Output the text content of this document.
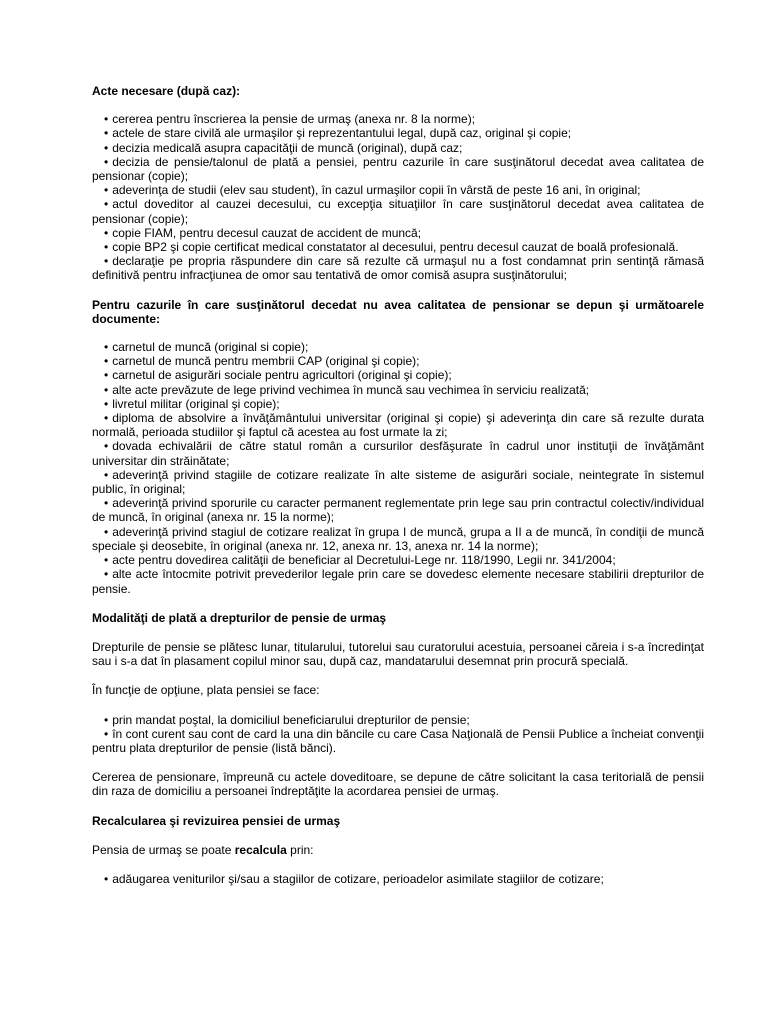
Acte necesare (după caz):
• cererea pentru înscrierea la pensie de urmaş (anexa nr. 8 la norme);
• actele de stare civilă ale urmaşilor şi reprezentantului legal, după caz, original şi copie;
• decizia medicală asupra capacităţii de muncă (original), după caz;
• decizia de pensie/talonul de plată a pensiei, pentru cazurile în care susţinătorul decedat avea calitatea de pensionar (copie);
• adeverinţa de studii (elev sau student), în cazul urmaşilor copii în vârstă de peste 16 ani, în original;
• actul doveditor al cauzei decesului, cu excepţia situaţiilor în care susţinătorul decedat avea calitatea de pensionar (copie);
• copie FIAM, pentru decesul cauzat de accident de muncă;
• copie BP2 şi copie certificat medical constatator al decesului, pentru decesul cauzat de boală profesională.
• declaraţie pe propria răspundere din care să rezulte că urmaşul nu a fost condamnat prin sentinţă rămasă definitivă pentru infracţiunea de omor sau tentativă de omor comisă asupra susţinătorului;
Pentru cazurile în care susţinătorul decedat nu avea calitatea de pensionar se depun şi următoarele documente:
• carnetul de muncă (original si copie);
• carnetul de muncă pentru membrii CAP (original şi copie);
• carnetul de asigurări sociale pentru agricultori (original şi copie);
• alte acte prevăzute de lege privind vechimea în muncă sau vechimea în serviciu realizată;
• livretul militar (original şi copie);
• diploma de absolvire a învăţământului universitar (original şi copie) şi adeverinţa din care să rezulte durata normală, perioada studiilor şi faptul că acestea au fost urmate la zi;
• dovada echivalării de către statul român a cursurilor desfăşurate în cadrul unor instituţii de învăţământ universitar din străinătate;
• adeverinţă privind stagiile de cotizare realizate în alte sisteme de asigurări sociale, neintegrate în sistemul public, în original;
• adeverinţă privind sporurile cu caracter permanent reglementate prin lege sau prin contractul colectiv/individual de muncă, în original (anexa nr. 15 la norme);
• adeverinţă privind stagiul de cotizare realizat în grupa I de muncă, grupa a II a de muncă, în condiţii de muncă speciale şi deosebite, în original (anexa nr. 12, anexa nr. 13, anexa nr. 14 la norme);
• acte pentru dovedirea calităţii de beneficiar al Decretului-Lege nr. 118/1990, Legii nr. 341/2004;
• alte acte întocmite potrivit prevederilor legale prin care se dovedesc elemente necesare stabilirii drepturilor de pensie.
Modalităţi de plată a drepturilor de pensie de urmaş

Drepturile de pensie se plătesc lunar, titularului, tutorelui sau curatorului acestuia, persoanei căreia i s-a încredinţat sau i s-a dat în plasament copilul minor sau, după caz, mandatarului desemnat prin procură specială.

În funcţie de opţiune, plata pensiei se face:

• prin mandat poştal, la domiciliul beneficiarului drepturilor de pensie;
• în cont curent sau cont de card la una din băncile cu care Casa Naţională de Pensii Publice a încheiat convenţii pentru plata drepturilor de pensie (listă bănci).

Cererea de pensionare, împreună cu actele doveditoare, se depune de către solicitant la casa teritorială de pensii din raza de domiciliu a persoanei îndreptăţite la acordarea pensiei de urmaş.

Recalcularea şi revizuirea pensiei de urmaş

Pensia de urmaş se poate recalcula prin:

• adăugarea veniturilor şi/sau a stagiilor de cotizare, perioadelor asimilate stagiilor de cotizare;
